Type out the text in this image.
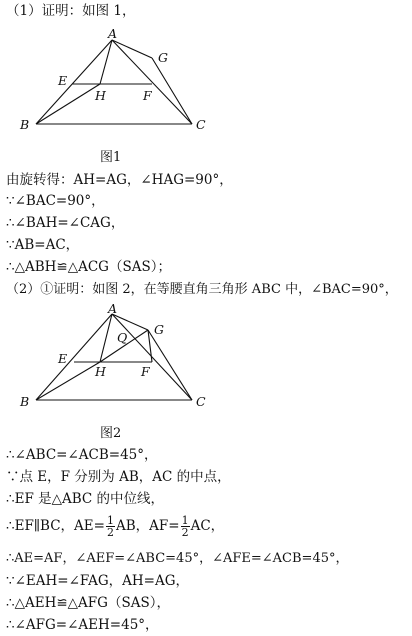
（1）证明：如图 1，
A
B	C
E
F
G
H
图1
由旋转得：AH=AG，∠HAG=90°，
∵∠BAC=90°，
∴∠BAH=∠CAG，
∵AB=AC，
∴△ABH≌△ACG（SAS）；
（2）①证明：如图 2，在等腰直角三角形 ABC 中，∠BAC=90°，
A
B	C
E
F
G
H
Q
图2
∴∠ABC=∠ACB=45°，
∵点 E，F 分别为 AB，AC 的中点，
∴EF 是△ABC 的中位线，
∴EF∥BC，$AE= \frac{1}{2}$ AB，$AF= \frac{1}{2}$ AC，
∴AE=AF，∠AEF=∠ABC=45°，∠AFE=∠ACB=45°，
∵∠EAH=∠FAG，AH=AG，
∴△AEH≌△AFG（SAS），
∴∠AFG=∠AEH=45°，
